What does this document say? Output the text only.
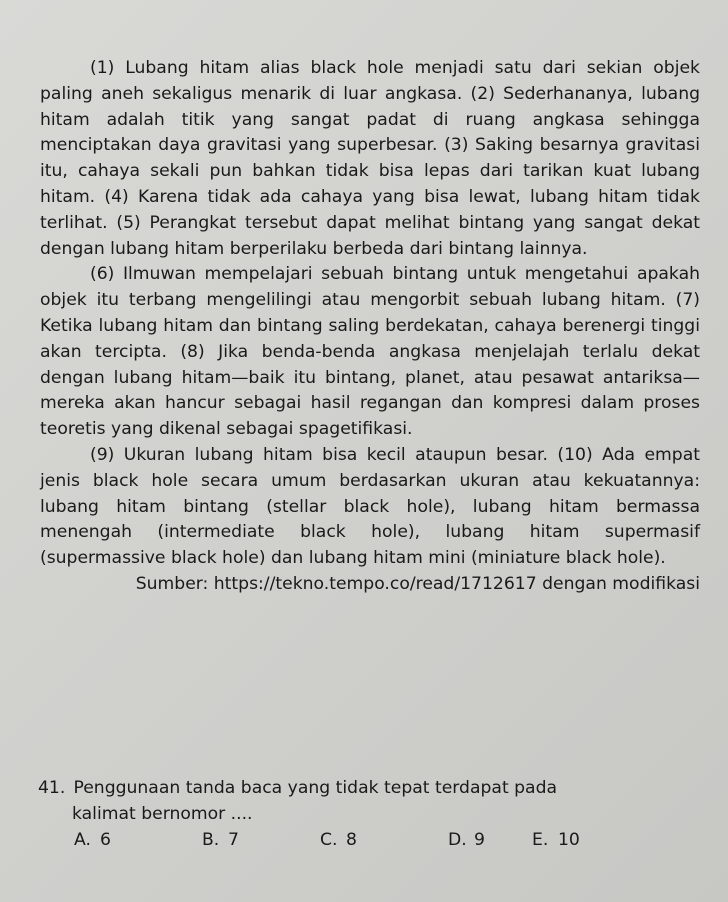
(1) Lubang hitam alias black hole menjadi satu dari sekian objek paling aneh sekaligus menarik di luar angkasa. (2) Sederhananya, lubang hitam adalah titik yang sangat padat di ruang angkasa sehingga menciptakan daya gravitasi yang superbesar. (3) Saking besarnya gravitasi itu, cahaya sekali pun bahkan tidak bisa lepas dari tarikan kuat lubang hitam. (4) Karena tidak ada cahaya yang bisa lewat, lubang hitam tidak terlihat. (5) Perangkat tersebut dapat melihat bintang yang sangat dekat dengan lubang hitam berperilaku berbeda dari bintang lainnya.

(6) Ilmuwan mempelajari sebuah bintang untuk mengetahui apakah objek itu terbang mengelilingi atau mengorbit sebuah lubang hitam. (7) Ketika lubang hitam dan bintang saling berdekatan, cahaya berenergi tinggi akan tercipta. (8) Jika benda-benda angkasa menjelajah terlalu dekat dengan lubang hitam—baik itu bintang, planet, atau pesawat antariksa—mereka akan hancur sebagai hasil regangan dan kompresi dalam proses teoretis yang dikenal sebagai spagetifikasi.

(9) Ukuran lubang hitam bisa kecil ataupun besar. (10) Ada empat jenis black hole secara umum berdasarkan ukuran atau kekuatannya: lubang hitam bintang (stellar black hole), lubang hitam bermassa menengah (intermediate black hole), lubang hitam supermasif (supermassive black hole) dan lubang hitam mini (miniature black hole).

Sumber: https://tekno.tempo.co/read/1712617 dengan modifikasi

41. Penggunaan tanda baca yang tidak tepat terdapat pada

kalimat bernomor ....

A. 6	B. 7	C. 8	D. 9	E. 10
